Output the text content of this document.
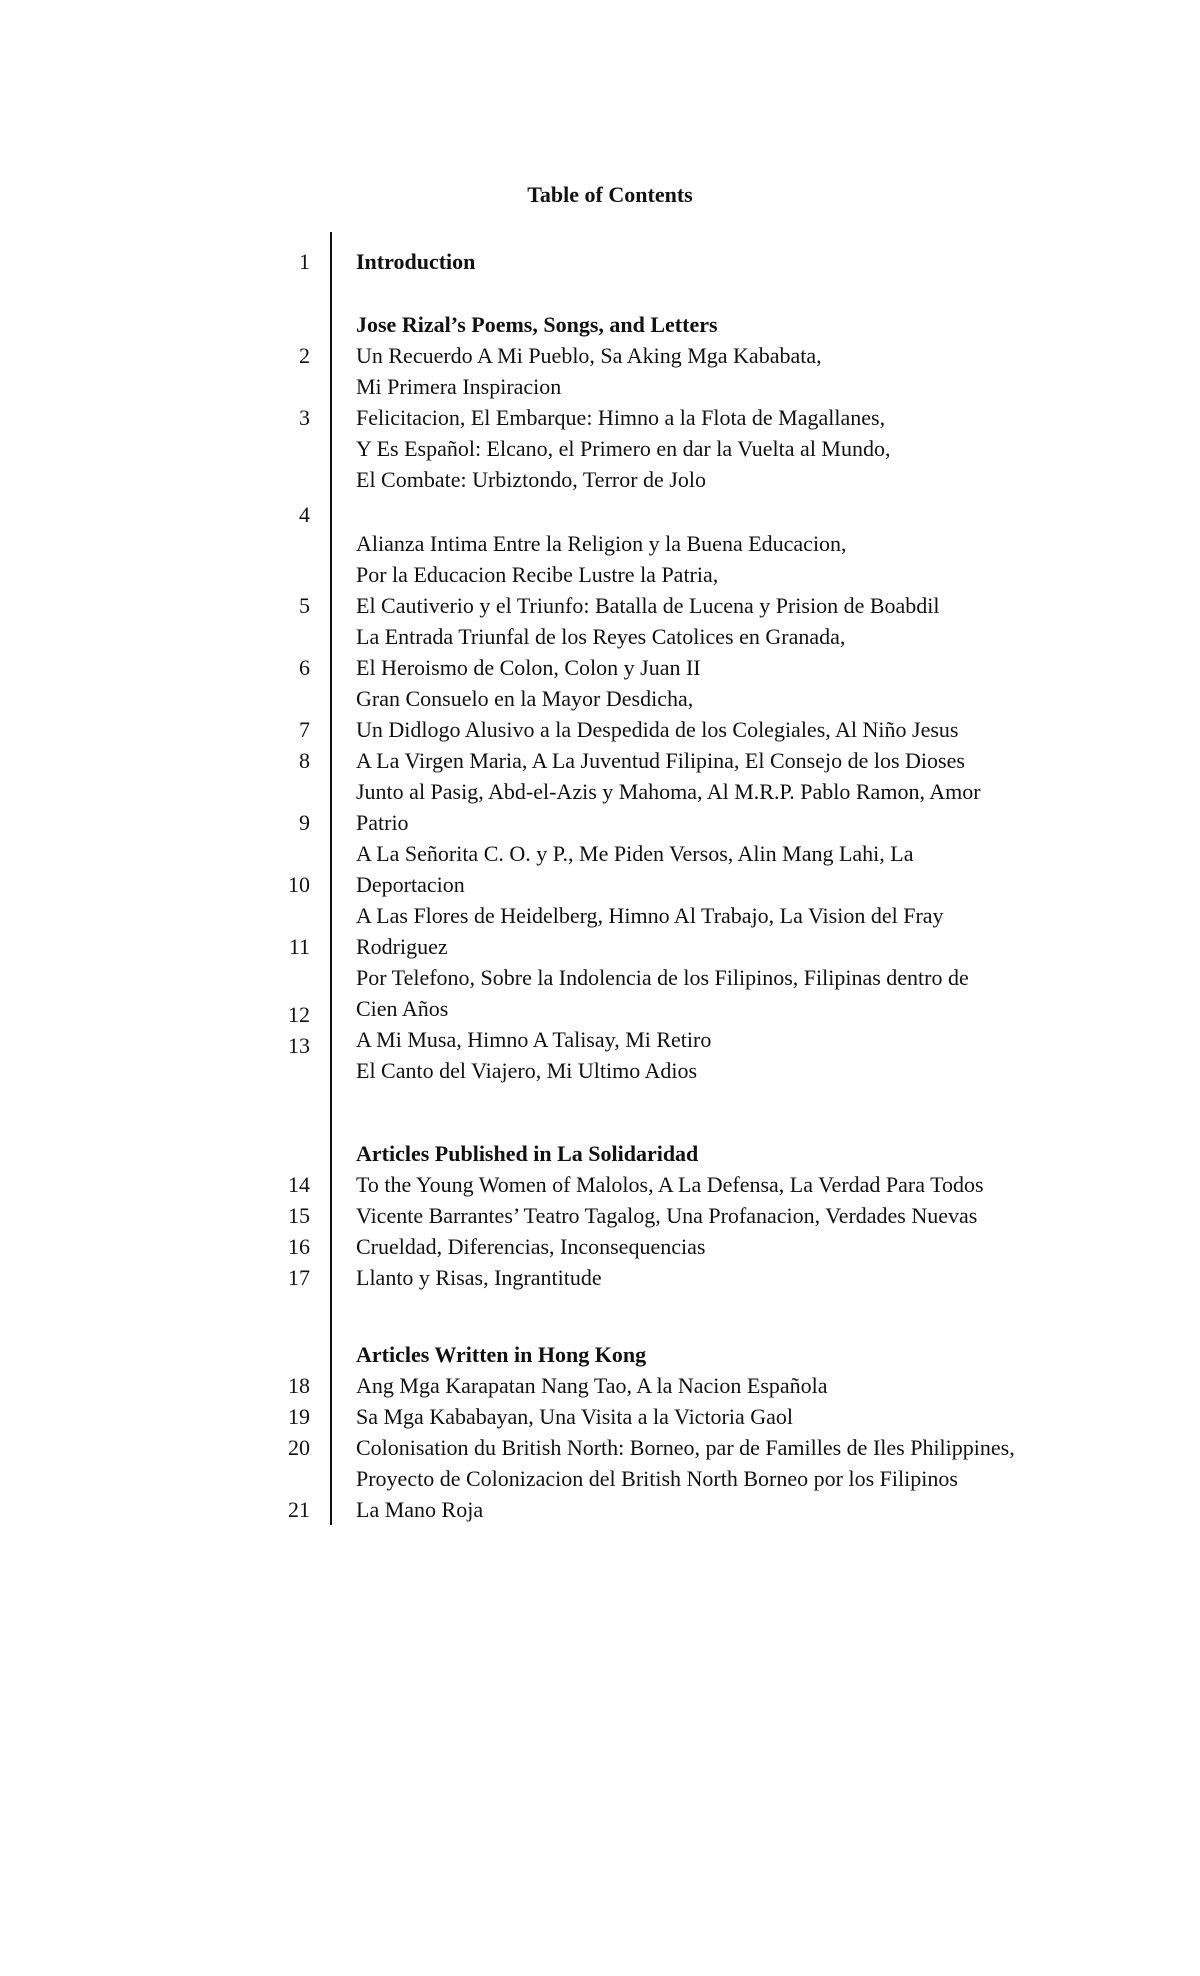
Table of Contents
1
2
3
4
5
6
7
8
9
10
11
12
13
14
15
16
17
18
19
20
21
Introduction
Jose Rizal’s Poems, Songs, and Letters
Un Recuerdo A Mi Pueblo, Sa Aking Mga Kababata,
Mi Primera Inspiracion
Felicitacion, El Embarque: Himno a la Flota de Magallanes,
Y Es Español: Elcano, el Primero en dar la Vuelta al Mundo,
El Combate: Urbiztondo, Terror de Jolo
Alianza Intima Entre la Religion y la Buena Educacion,
Por la Educacion Recibe Lustre la Patria,
El Cautiverio y el Triunfo: Batalla de Lucena y Prision de Boabdil
La Entrada Triunfal de los Reyes Catolices en Granada,
El Heroismo de Colon, Colon y Juan II
Gran Consuelo en la Mayor Desdicha,
Un Didlogo Alusivo a la Despedida de los Colegiales, Al Niño Jesus
A La Virgen Maria, A La Juventud Filipina, El Consejo de los Dioses
Junto al Pasig, Abd-el-Azis y Mahoma, Al M.R.P. Pablo Ramon, Amor
Patrio
A La Señorita C. O. y P., Me Piden Versos, Alin Mang Lahi, La
Deportacion
A Las Flores de Heidelberg, Himno Al Trabajo, La Vision del Fray
Rodriguez
Por Telefono, Sobre la Indolencia de los Filipinos, Filipinas dentro de
Cien Años
A Mi Musa, Himno A Talisay, Mi Retiro
El Canto del Viajero, Mi Ultimo Adios
Articles Published in La Solidaridad
To the Young Women of Malolos, A La Defensa, La Verdad Para Todos
Vicente Barrantes’ Teatro Tagalog, Una Profanacion, Verdades Nuevas
Crueldad, Diferencias, Inconsequencias
Llanto y Risas, Ingrantitude
Articles Written in Hong Kong
Ang Mga Karapatan Nang Tao, A la Nacion Española
Sa Mga Kababayan, Una Visita a la Victoria Gaol
Colonisation du British North: Borneo, par de Familles de Iles Philippines,
Proyecto de Colonizacion del British North Borneo por los Filipinos
La Mano Roja
